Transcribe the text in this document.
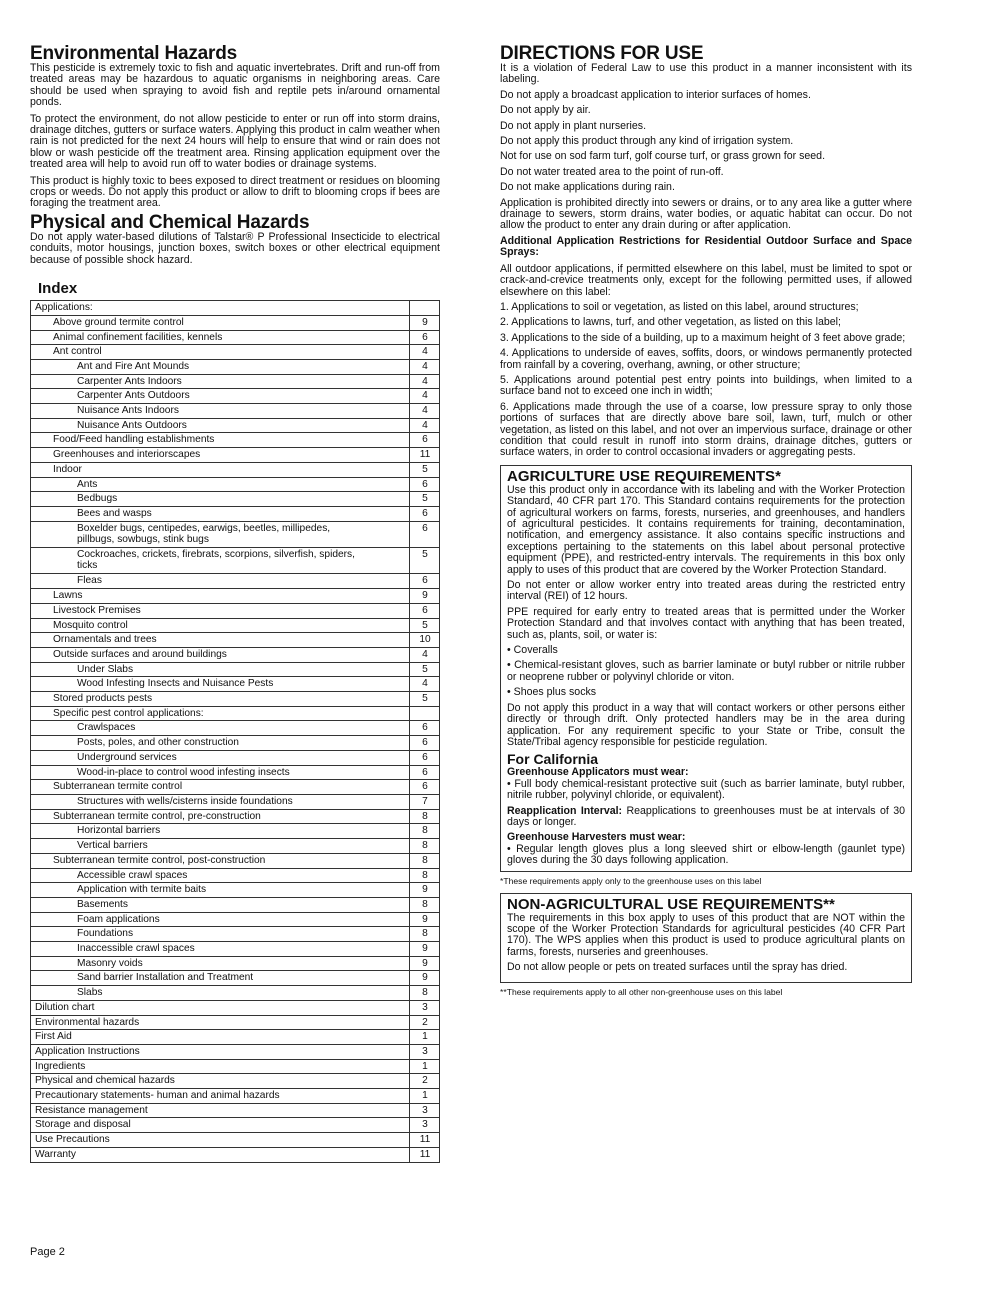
Environmental Hazards

This pesticide is extremely toxic to fish and aquatic invertebrates. Drift and run-off from treated areas may be hazardous to aquatic organisms in neighboring areas. Care should be used when spraying to avoid fish and reptile pets in/around ornamental ponds.

To protect the environment, do not allow pesticide to enter or run off into storm drains, drainage ditches, gutters or surface waters. Applying this product in calm weather when rain is not predicted for the next 24 hours will help to ensure that wind or rain does not blow or wash pesticide off the treatment area. Rinsing application equipment over the treated area will help to avoid run off to water bodies or drainage systems.

This product is highly toxic to bees exposed to direct treatment or residues on blooming crops or weeds. Do not apply this product or allow to drift to blooming crops if bees are foraging the treatment area.

Physical and Chemical Hazards

Do not apply water-based dilutions of Talstar® P Professional Insecticide to electrical conduits, motor housings, junction boxes, switch boxes or other electrical equipment because of possible shock hazard.

Index
Applications:	
Above ground termite control	9
Animal confinement facilities, kennels	6
Ant control	4
Ant and Fire Ant Mounds	4
Carpenter Ants Indoors	4
Carpenter Ants Outdoors	4
Nuisance Ants Indoors	4
Nuisance Ants Outdoors	4
Food/Feed handling establishments	6
Greenhouses and interiorscapes	11
Indoor	5
Ants	6
Bedbugs	5
Bees and wasps	6
Boxelder bugs, centipedes, earwigs, beetles, millipedes, pillbugs, sowbugs, stink bugs	6
Cockroaches, crickets, firebrats, scorpions, silverfish, spiders, ticks	5
Fleas	6
Lawns	9
Livestock Premises	6
Mosquito control	5
Ornamentals and trees	10
Outside surfaces and around buildings	4
Under Slabs	5
Wood Infesting Insects and Nuisance Pests	4
Stored products pests	5
Specific pest control applications:	
Crawlspaces	6
Posts, poles, and other construction	6
Underground services	6
Wood-in-place to control wood infesting insects	6
Subterranean termite control	6
Structures with wells/cisterns inside foundations	7
Subterranean termite control, pre-construction	8
Horizontal barriers	8
Vertical barriers	8
Subterranean termite control, post-construction	8
Accessible crawl spaces	8
Application with termite baits	9
Basements	8
Foam applications	9
Foundations	8
Inaccessible crawl spaces	9
Masonry voids	9
Sand barrier Installation and Treatment	9
Slabs	8
Dilution chart	3
Environmental hazards	2
First Aid	1
Application Instructions	3
Ingredients	1
Physical and chemical hazards	2
Precautionary statements- human and animal hazards	1
Resistance management	3
Storage and disposal	3
Use Precautions	11
Warranty	11
DIRECTIONS FOR USE

It is a violation of Federal Law to use this product in a manner inconsistent with its labeling.

Do not apply a broadcast application to interior surfaces of homes.

Do not apply by air.

Do not apply in plant nurseries.

Do not apply this product through any kind of irrigation system.

Not for use on sod farm turf, golf course turf, or grass grown for seed.

Do not water treated area to the point of run-off.

Do not make applications during rain.

Application is prohibited directly into sewers or drains, or to any area like a gutter where drainage to sewers, storm drains, water bodies, or aquatic habitat can occur. Do not allow the product to enter any drain during or after application.

Additional Application Restrictions for Residential Outdoor Surface and Space Sprays:

All outdoor applications, if permitted elsewhere on this label, must be limited to spot or crack-and-crevice treatments only, except for the following permitted uses, if allowed elsewhere on this label:

1. Applications to soil or vegetation, as listed on this label, around structures;

2. Applications to lawns, turf, and other vegetation, as listed on this label;

3. Applications to the side of a building, up to a maximum height of 3 feet above grade;

4. Applications to underside of eaves, soffits, doors, or windows permanently protected from rainfall by a covering, overhang, awning, or other structure;

5. Applications around potential pest entry points into buildings, when limited to a surface band not to exceed one inch in width;

6. Applications made through the use of a coarse, low pressure spray to only those portions of surfaces that are directly above bare soil, lawn, turf, mulch or other vegetation, as listed on this label, and not over an impervious surface, drainage or other condition that could result in runoff into storm drains, drainage ditches, gutters or surface waters, in order to control occasional invaders or aggregating pests.

AGRICULTURE USE REQUIREMENTS*

Use this product only in accordance with its labeling and with the Worker Protection Standard, 40 CFR part 170. This Standard contains requirements for the protection of agricultural workers on farms, forests, nurseries, and greenhouses, and handlers of agricultural pesticides. It contains requirements for training, decontamination, notification, and emergency assistance. It also contains specific instructions and exceptions pertaining to the statements on this label about personal protective equipment (PPE), and restricted-entry intervals. The requirements in this box only apply to uses of this product that are covered by the Worker Protection Standard.

Do not enter or allow worker entry into treated areas during the restricted entry interval (REI) of 12 hours.

PPE required for early entry to treated areas that is permitted under the Worker Protection Standard and that involves contact with anything that has been treated, such as, plants, soil, or water is:

• Coveralls

• Chemical-resistant gloves, such as barrier laminate or butyl rubber or nitrile rubber or neoprene rubber or polyvinyl chloride or viton.

• Shoes plus socks

Do not apply this product in a way that will contact workers or other persons either directly or through drift. Only protected handlers may be in the area during application. For any requirement specific to your State or Tribe, consult the State/Tribal agency responsible for pesticide regulation.

For California

Greenhouse Applicators must wear:

• Full body chemical-resistant protective suit (such as barrier laminate, butyl rubber, nitrile rubber, polyvinyl chloride, or equivalent).

Reapplication Interval: Reapplications to greenhouses must be at intervals of 30 days or longer.

Greenhouse Harvesters must wear:

• Regular length gloves plus a long sleeved shirt or elbow-length (gaunlet type) gloves during the 30 days following application.

*These requirements apply only to the greenhouse uses on this label
NON-AGRICULTURAL USE REQUIREMENTS**

The requirements in this box apply to uses of this product that are NOT within the scope of the Worker Protection Standards for agricultural pesticides (40 CFR Part 170). The WPS applies when this product is used to produce agricultural plants on farms, forests, nurseries and greenhouses.

Do not allow people or pets on treated surfaces until the spray has dried.

**These requirements apply to all other non-greenhouse uses on this label
Page 2
